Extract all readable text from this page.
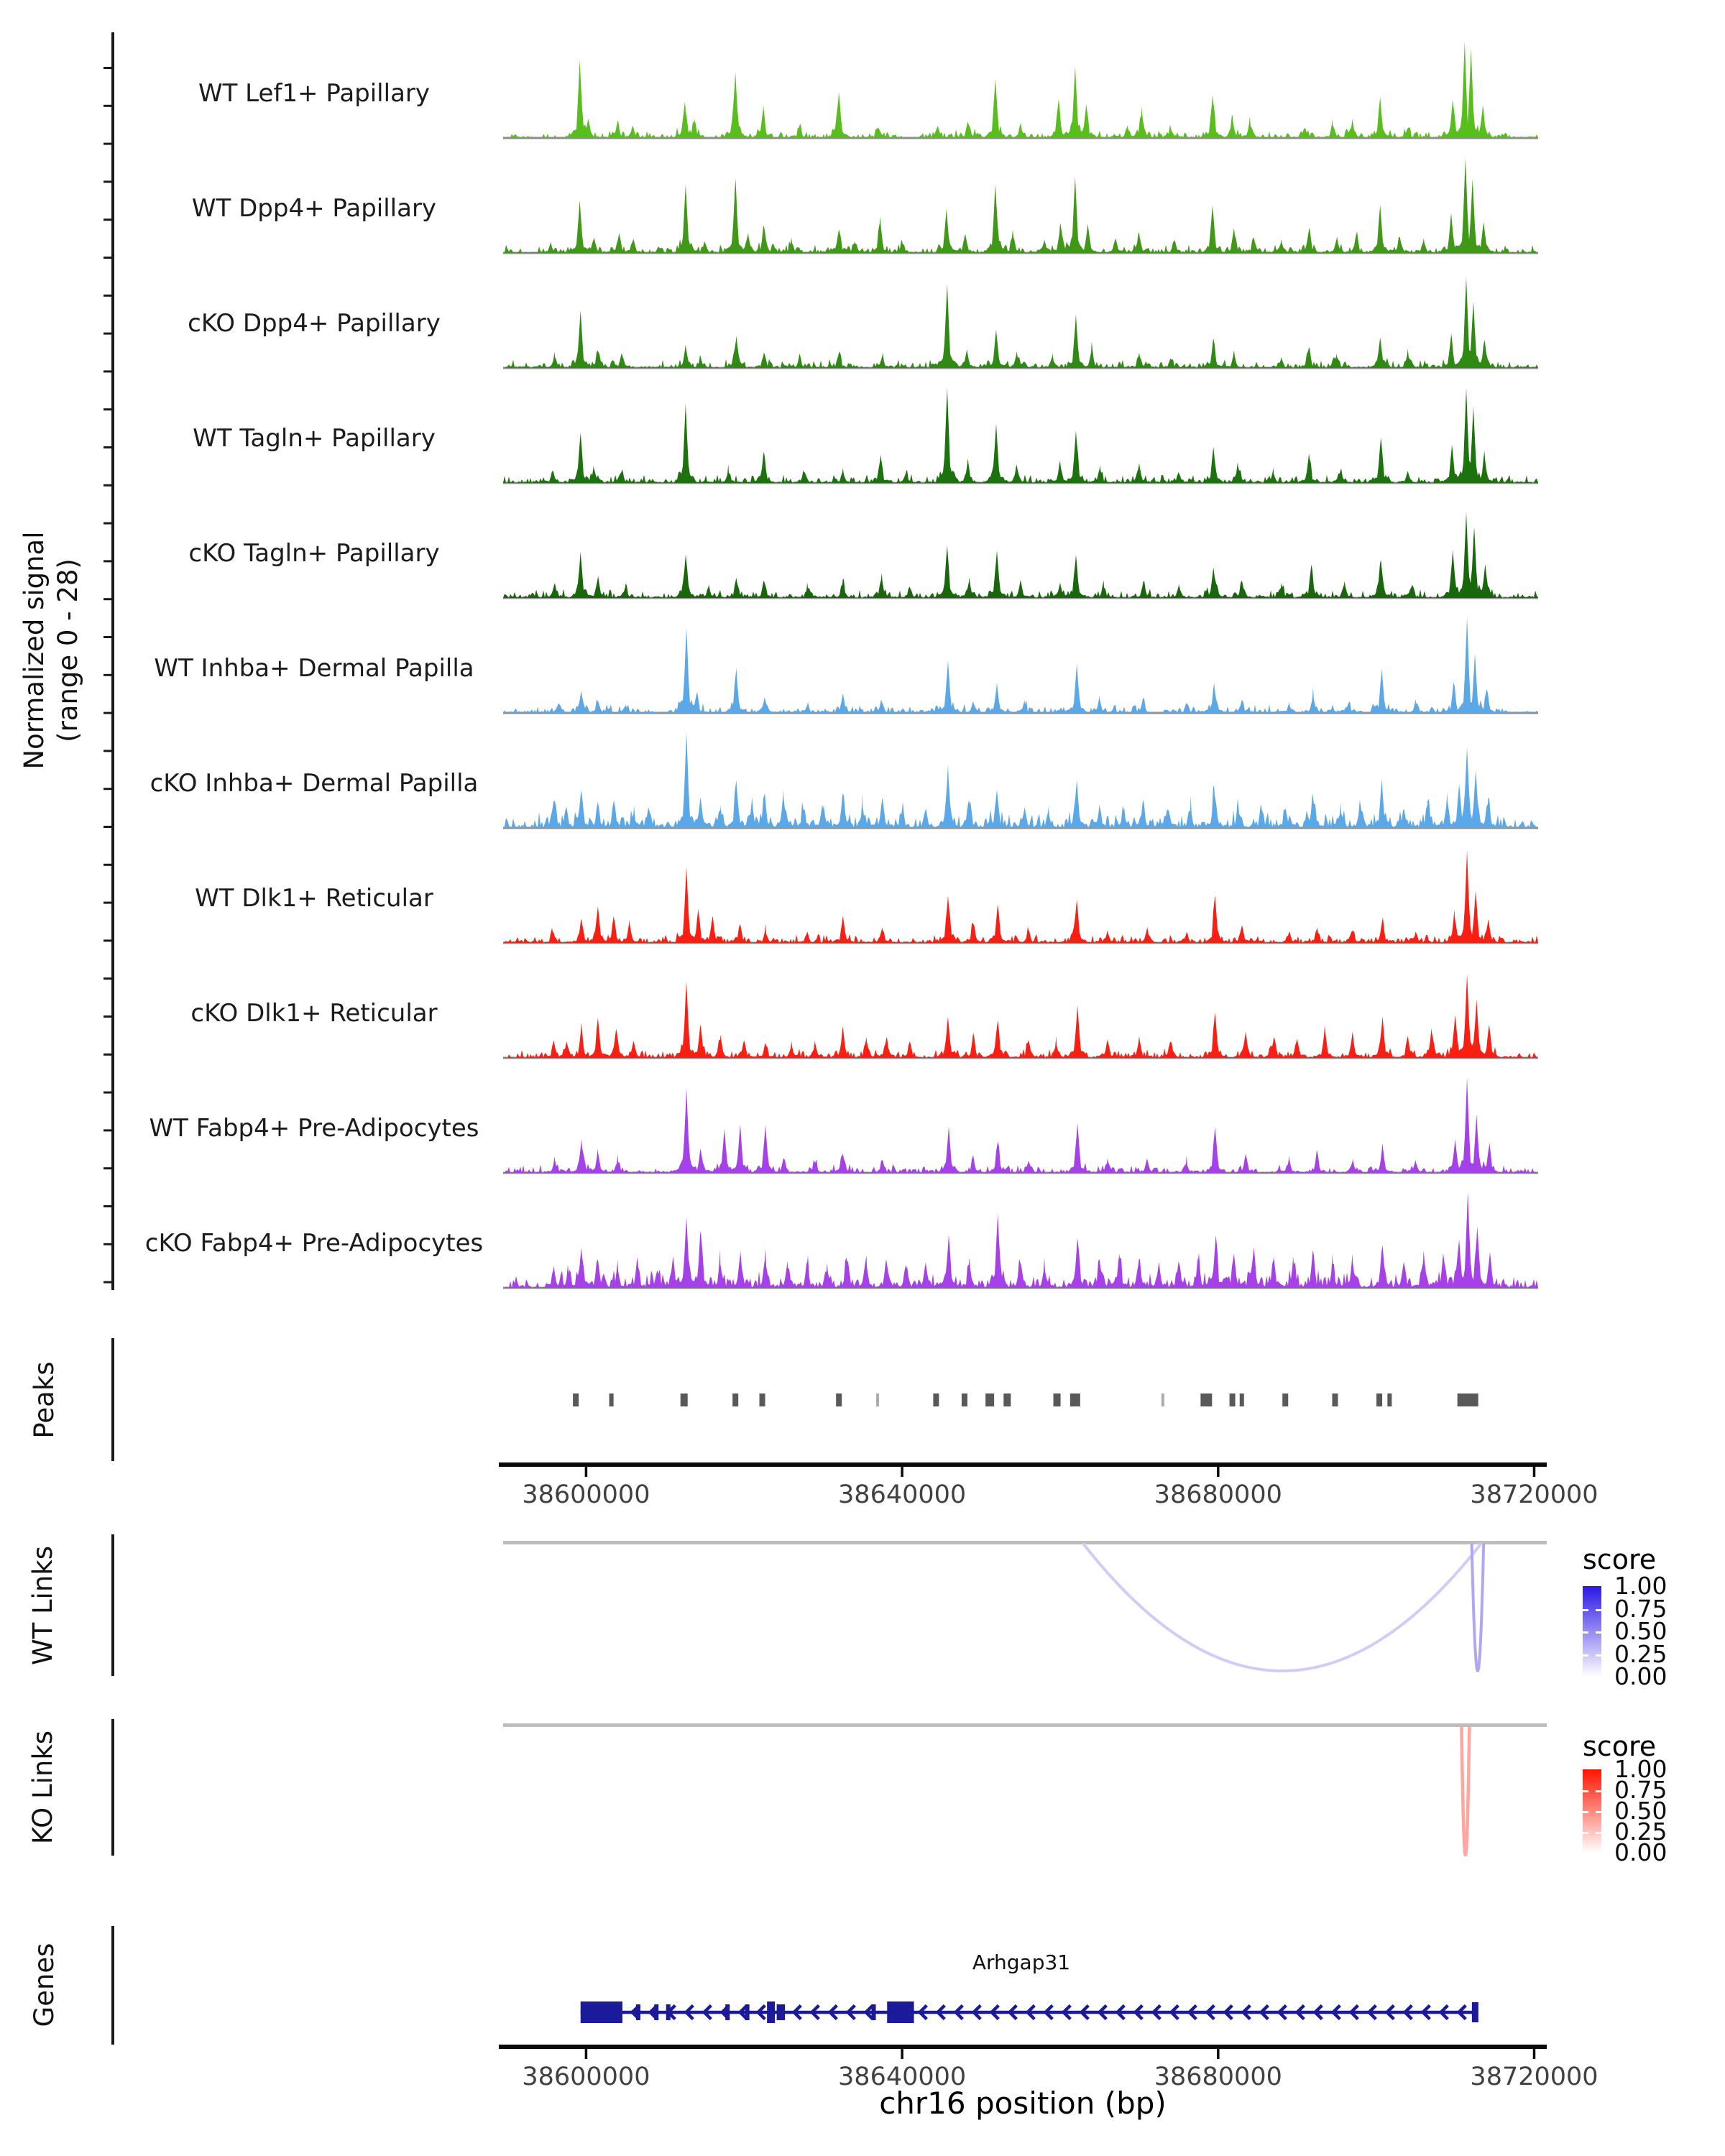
Normalized signal (range 0 - 28)
Peaks
WT Links
KO Links
Genes
score
score
Arhgap31
chr16 position (bp)
WT Lef1+ Papillary
WT Dpp4+ Papillary
cKO Dpp4+ Papillary
WT Tagln+ Papillary
cKO Tagln+ Papillary
WT Inhba+ Dermal Papilla
cKO Inhba+ Dermal Papilla
WT Dlk1+ Reticular
cKO Dlk1+ Reticular
WT Fabp4+ Pre-Adipocytes
cKO Fabp4+ Pre-Adipocytes
38600000	38640000	38680000	38720000
38600000	38640000	38680000	38720000
1.00
0.75
0.50
0.25
0.00
1.00
0.75
0.50
0.25
0.00
